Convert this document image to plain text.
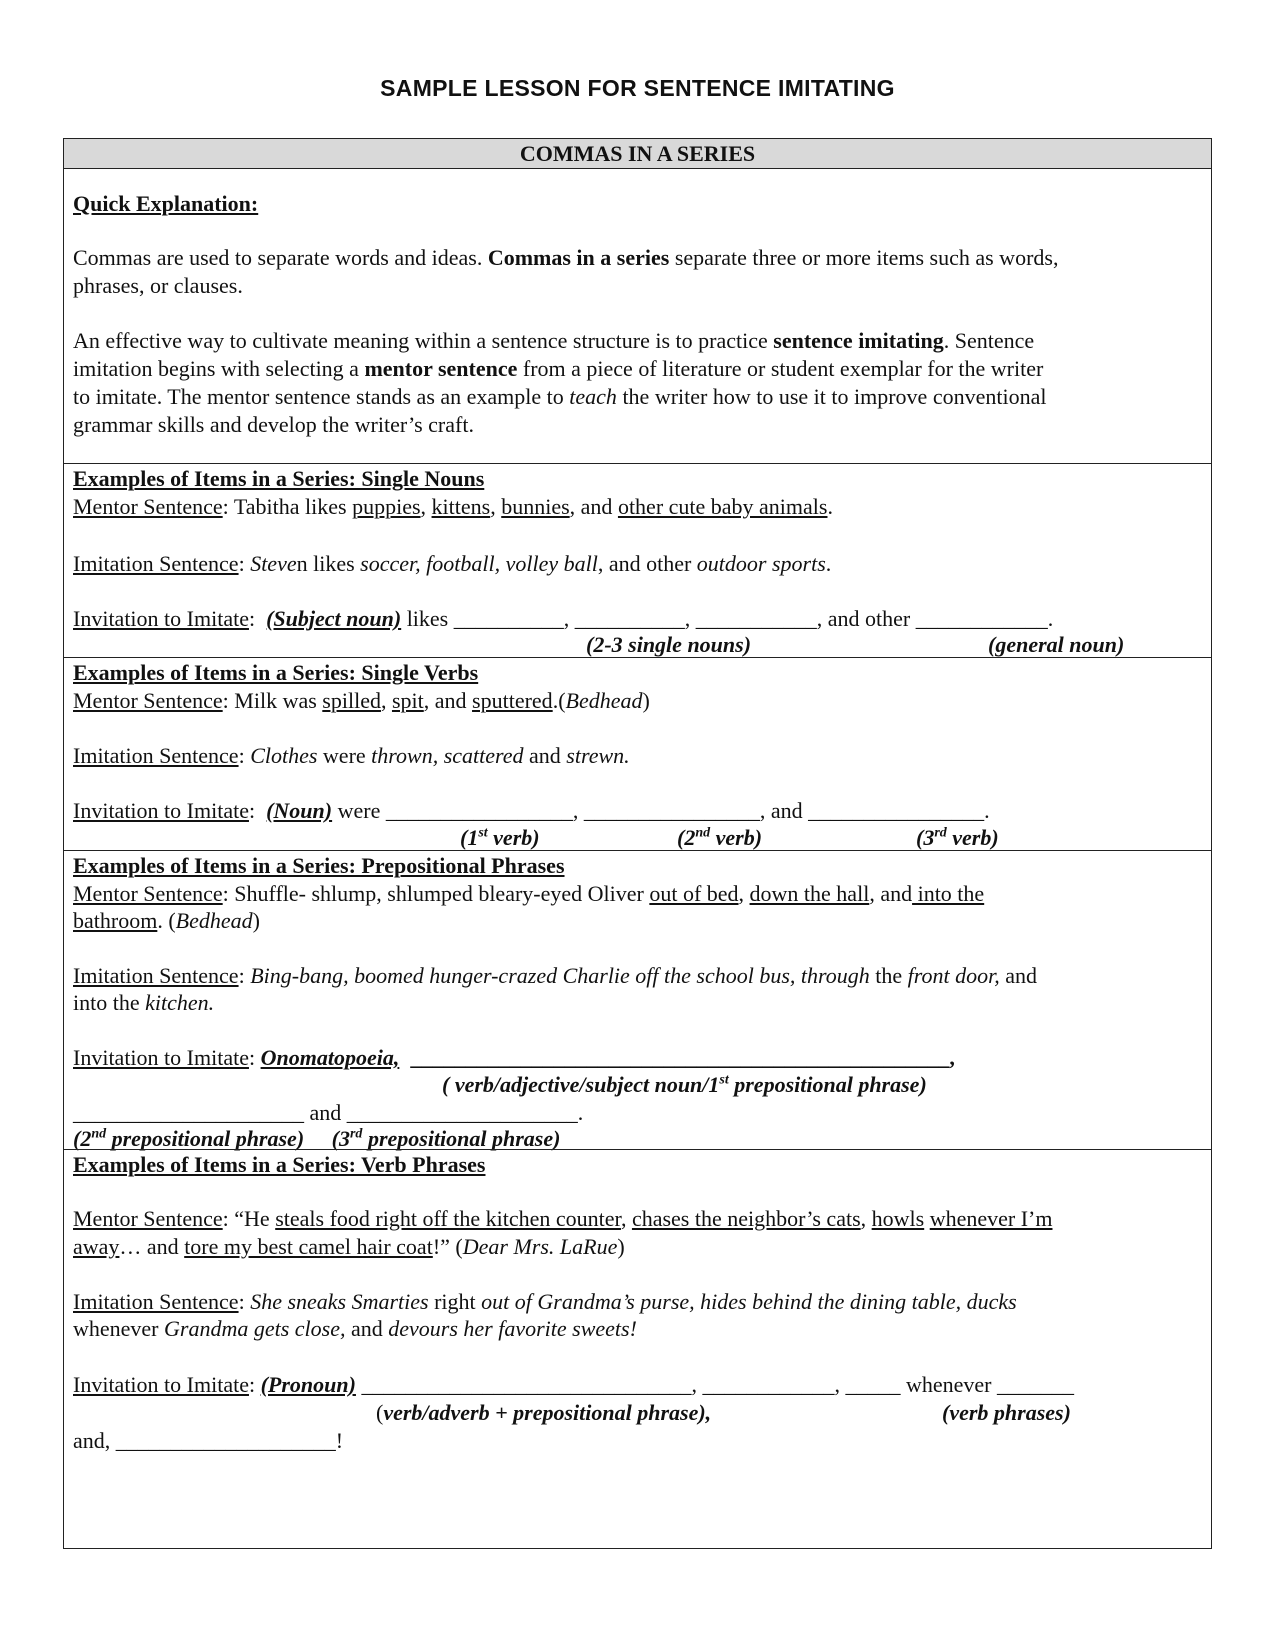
SAMPLE LESSON FOR SENTENCE IMITATING
COMMAS IN A SERIES
Quick Explanation:
Commas are used to separate words and ideas. Commas in a series separate three or more items such as words,
phrases, or clauses.
An effective way to cultivate meaning within a sentence structure is to practice sentence imitating. Sentence
imitation begins with selecting a mentor sentence from a piece of literature or student exemplar for the writer
to imitate. The mentor sentence stands as an example to teach the writer how to use it to improve conventional
grammar skills and develop the writer’s craft.
Examples of Items in a Series: Single Nouns
Mentor Sentence: Tabitha likes puppies, kittens, bunnies, and other cute baby animals.
Imitation Sentence: Steven likes soccer, football, volley ball, and other outdoor sports.
Invitation to Imitate:  (Subject noun) likes __________, __________, ___________, and other ____________.
(2-3 single nouns)	(general noun)
Examples of Items in a Series: Single Verbs
Mentor Sentence: Milk was spilled, spit, and sputtered.(Bedhead)
Imitation Sentence: Clothes were thrown, scattered and strewn.
Invitation to Imitate:  (Noun) were _________________, ________________, and ________________.
(1st verb)	(2nd verb)	(3rd verb)
Examples of Items in a Series: Prepositional Phrases
Mentor Sentence: Shuffle- shlump, shlumped bleary-eyed Oliver out of bed, down the hall, and into the
bathroom. (Bedhead)
Imitation Sentence: Bing-bang, boomed hunger-crazed Charlie off the school bus, through the front door, and
into the kitchen.
Invitation to Imitate: Onomatopoeia, _________________________________________________,
( verb/adjective/subject noun/1st prepositional phrase)
_____________________ and _____________________.
(2nd prepositional phrase)     (3rd prepositional phrase)
Examples of Items in a Series: Verb Phrases
Mentor Sentence: “He steals food right off the kitchen counter, chases the neighbor’s cats, howls whenever I’m
away… and tore my best camel hair coat!” (Dear Mrs. LaRue)
Imitation Sentence: She sneaks Smarties right out of Grandma’s purse, hides behind the dining table, ducks
whenever Grandma gets close, and devours her favorite sweets!
Invitation to Imitate: (Pronoun) ______________________________, ____________, _____ whenever _______
(verb/adverb + prepositional phrase),	(verb phrases)
and, ____________________!
